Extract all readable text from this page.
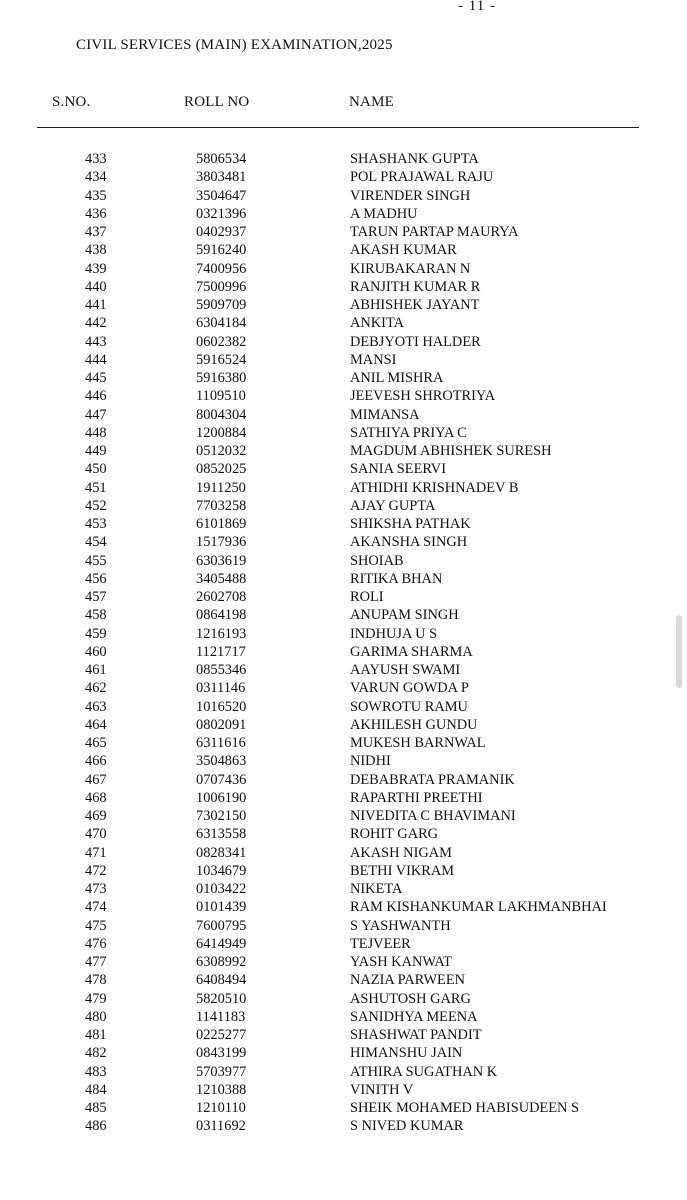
- 11 -
CIVIL SERVICES (MAIN) EXAMINATION,2025
S.NO.	ROLL NO	NAME
433	5806534	SHASHANK GUPTA
434	3803481	POL PRAJAWAL RAJU
435	3504647	VIRENDER SINGH
436	0321396	A MADHU
437	0402937	TARUN PARTAP MAURYA
438	5916240	AKASH KUMAR
439	7400956	KIRUBAKARAN N
440	7500996	RANJITH KUMAR R
441	5909709	ABHISHEK JAYANT
442	6304184	ANKITA
443	0602382	DEBJYOTI HALDER
444	5916524	MANSI
445	5916380	ANIL MISHRA
446	1109510	JEEVESH SHROTRIYA
447	8004304	MIMANSA
448	1200884	SATHIYA PRIYA C
449	0512032	MAGDUM ABHISHEK SURESH
450	0852025	SANIA SEERVI
451	1911250	ATHIDHI KRISHNADEV B
452	7703258	AJAY GUPTA
453	6101869	SHIKSHA PATHAK
454	1517936	AKANSHA SINGH
455	6303619	SHOIAB
456	3405488	RITIKA BHAN
457	2602708	ROLI
458	0864198	ANUPAM SINGH
459	1216193	INDHUJA U S
460	1121717	GARIMA SHARMA
461	0855346	AAYUSH SWAMI
462	0311146	VARUN GOWDA P
463	1016520	SOWROTU RAMU
464	0802091	AKHILESH GUNDU
465	6311616	MUKESH BARNWAL
466	3504863	NIDHI
467	0707436	DEBABRATA PRAMANIK
468	1006190	RAPARTHI PREETHI
469	7302150	NIVEDITA C BHAVIMANI
470	6313558	ROHIT GARG
471	0828341	AKASH NIGAM
472	1034679	BETHI VIKRAM
473	0103422	NIKETA
474	0101439	RAM KISHANKUMAR LAKHMANBHAI
475	7600795	S YASHWANTH
476	6414949	TEJVEER
477	6308992	YASH KANWAT
478	6408494	NAZIA PARWEEN
479	5820510	ASHUTOSH GARG
480	1141183	SANIDHYA MEENA
481	0225277	SHASHWAT PANDIT
482	0843199	HIMANSHU JAIN
483	5703977	ATHIRA SUGATHAN K
484	1210388	VINITH V
485	1210110	SHEIK MOHAMED HABISUDEEN S
486	0311692	S NIVED KUMAR
